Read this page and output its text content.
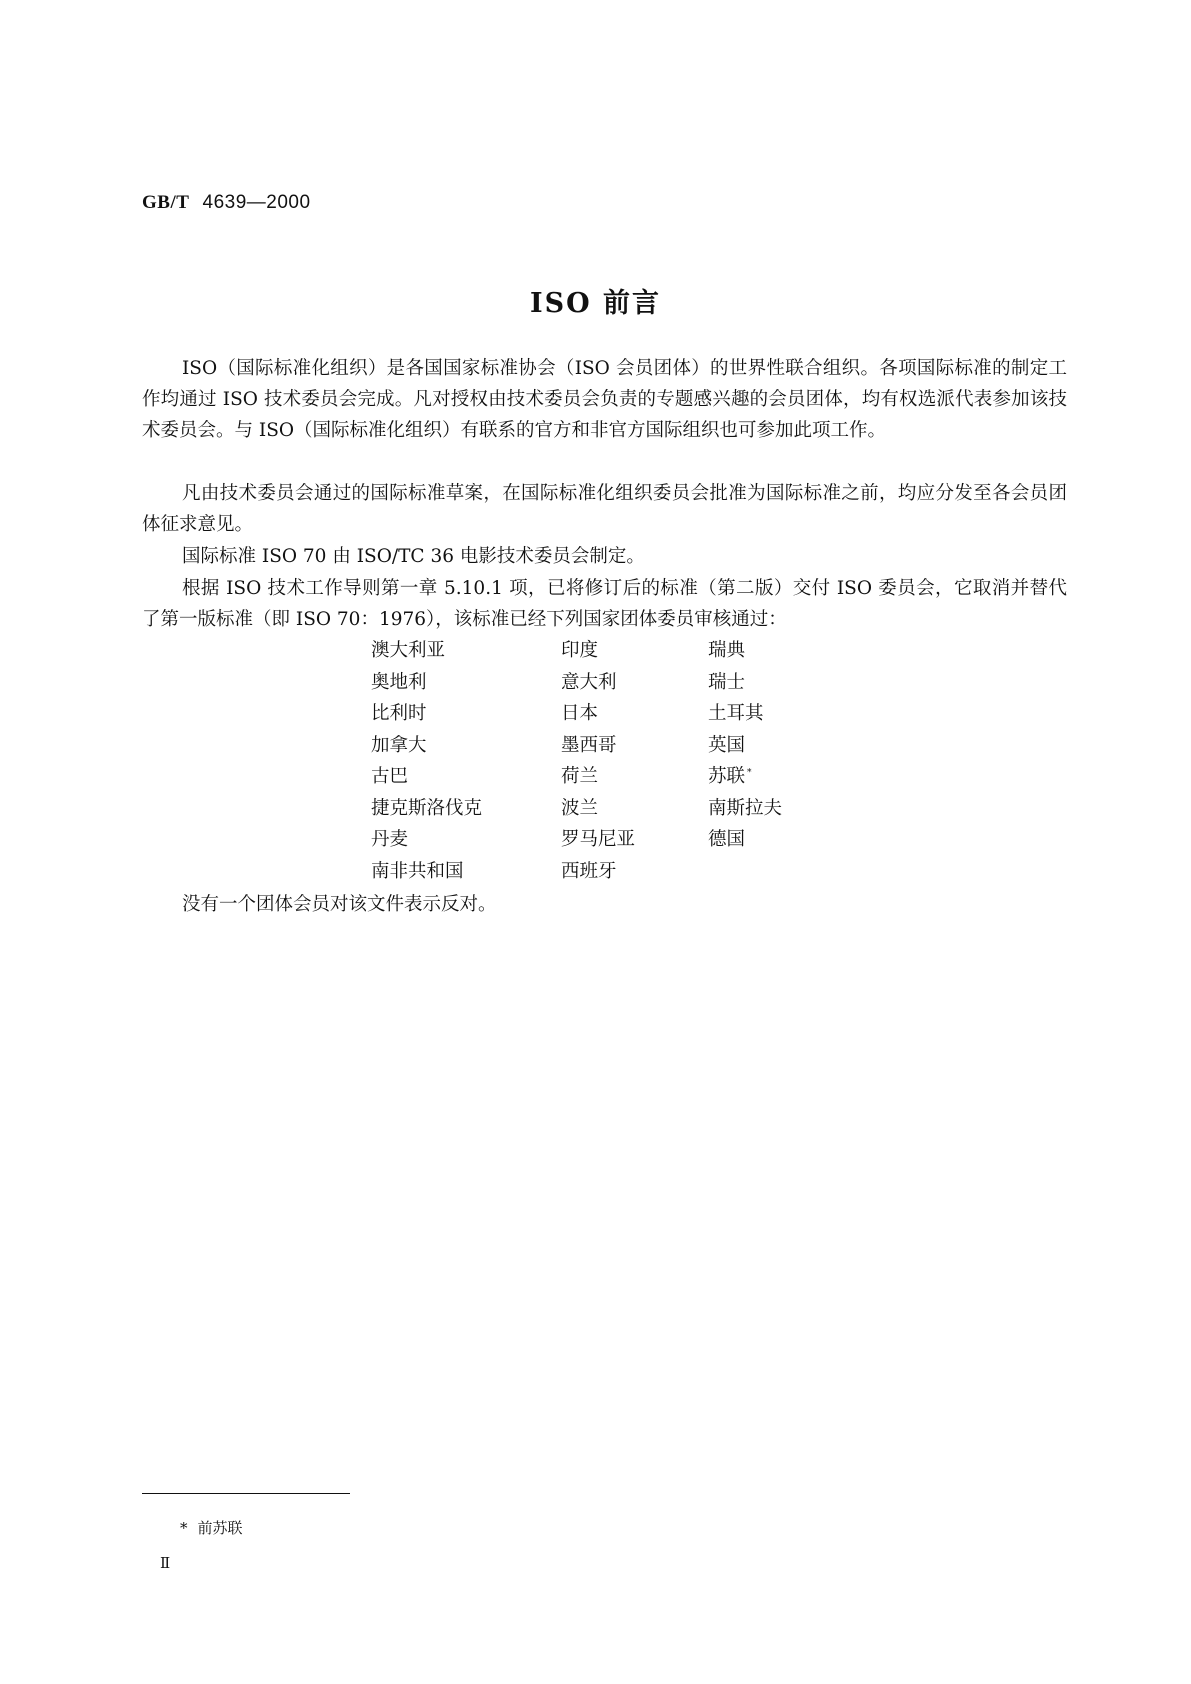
GB/T 4639—2000
ISO 前言

ISO（国际标准化组织）是各国国家标准协会（ISO 会员团体）的世界性联合组织。各项国际标准的制定工作均通过 ISO 技术委员会完成。凡对授权由技术委员会负责的专题感兴趣的会员团体，均有权选派代表参加该技术委员会。与 ISO（国际标准化组织）有联系的官方和非官方国际组织也可参加此项工作。

凡由技术委员会通过的国际标准草案，在国际标准化组织委员会批准为国际标准之前，均应分发至各会员团体征求意见。

国际标准 ISO 70 由 ISO/TC 36 电影技术委员会制定。

根据 ISO 技术工作导则第一章 5.10.1 项，已将修订后的标准（第二版）交付 ISO 委员会，它取消并替代了第一版标准（即 ISO 70：1976），该标准已经下列国家团体委员审核通过：

澳大利亚	印度	瑞典
奥地利	意大利	瑞士
比利时	日本	土耳其
加拿大	墨西哥	英国
古巴	荷兰	苏联 *
捷克斯洛伐克	波兰	南斯拉夫
丹麦	罗马尼亚	德国
南非共和国	西班牙

没有一个团体会员对该文件表示反对。

* 前苏联
Ⅱ
